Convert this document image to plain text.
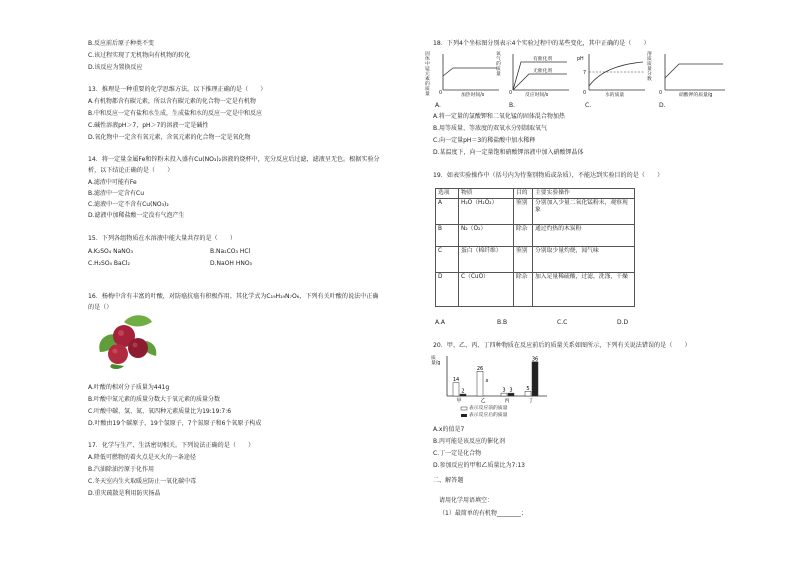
B.反应前后原子种类不变
C.该过程实现了无机物向有机物的转化
D.该反应为置换反应
13．推理是一种重要的化学思维方法。以下推理正确的是（　　）
A.有机物都含有碳元素，所以含有碳元素的化合物一定是有机物
B.中和反应一定有盐和水生成，生成盐和水的反应一定是中和反应
C.碱性溶液pH＞7，pH＞7的溶液一定是碱性
D.氧化物中一定含有氧元素，含氧元素的化合物一定是氧化物
14．将一定量金属Fe和锌粉末投入盛有Cu(NO₃)₂溶液的烧杯中，充分反应后过滤，滤液呈无色。根据实验分
析，以下结论正确的是（　　）
A.滤渣中可能有Fe
B.滤渣中一定含有Cu
C.滤液中一定不含有Cu(NO₃)₂
D.滤液中加稀盐酸一定没有气泡产生
15．下列各组物质在水溶液中能大量共存的是（　　）
A.K₂SO₄ NaNO₃	B.Na₂CO₃ HCl
C.H₂SO₄ BaCl₂	D.NaOH HNO₃
16．杨梅中含有丰富的叶酸，对防癌抗癌有积极作用，其化学式为C₁₉H₁₉N₇O₆，下列有关叶酸的说法中正确
的是（）
A.叶酸的相对分子质量为441g
B.叶酸中氮元素的质量分数大于氧元素的质量分数
C.叶酸中碳、氢、氮、氧四种元素质量比为19:19:7:6
D.叶酸由19个碳原子，19个氢原子，7个氮原子和6个氧原子构成
17．化学与生产、生活密切相关。下列说法正确的是（　　）
A.降低可燃物的着火点是灭火的一条途径
B.汽油除油污原于化作用
C.冬天室内生火取暖应防止一氧化碳中毒
D.重灾疏散是利用防灾扬晶
18．下列4个坐标图分别表示4个实验过程中的某些变化，其中正确的是（　　）
固体中锰元素的质量	加热时间/s
0
氧气的质量
有催化剂
无催化剂
反应时间/s
0
pH
7
水的质量
0
溶质质量分数
硝酸钾的质量/g
0
A.	B.	C.	D.
A.将一定量的氯酸钾和二氧化锰的固体混合物加热
B.用等质量、等浓度的双氧水分别制取氧气
C.向一定量pH＝3的稀盐酸中加水稀释
D.某温度下，向一定量饱和硝酸钾溶液中加入硝酸钾晶体
19．如表实验操作中（括号内为待鉴别物质或杂质），不能达到实验目的的是（　　）
选项	物质	目的	主要实验操作
A	H₂O（H₂O₂）	鉴别	分别加入少量二氧化锰粉末，观察现象
B	N₂（O₂）	除杂	通过灼热的木炭粉
C	蛋白（棉纤维）	鉴别	分别取少量灼烧，闻气味
D	C（CuO）	除杂	加入足量稀硫酸，过滤，洗涤，干燥
A.A	B.B	C.C	D.D
20．甲、乙、丙、丁四种物质在反应前后的质量关系如图所示，下列有关说法错误的是（　　）
14
2
甲
26
x
乙
3 3
丙
5
36
丁
质量/g
表示反应前的质量
表示反应后的质量
A.x的值是7
B.丙可能是该反应的催化剂
C.丁一定是化合物
D.参加反应的甲和乙质量比为7:13
二、解答题
请用化学用语填空：
（1）最简单的有机物________；
